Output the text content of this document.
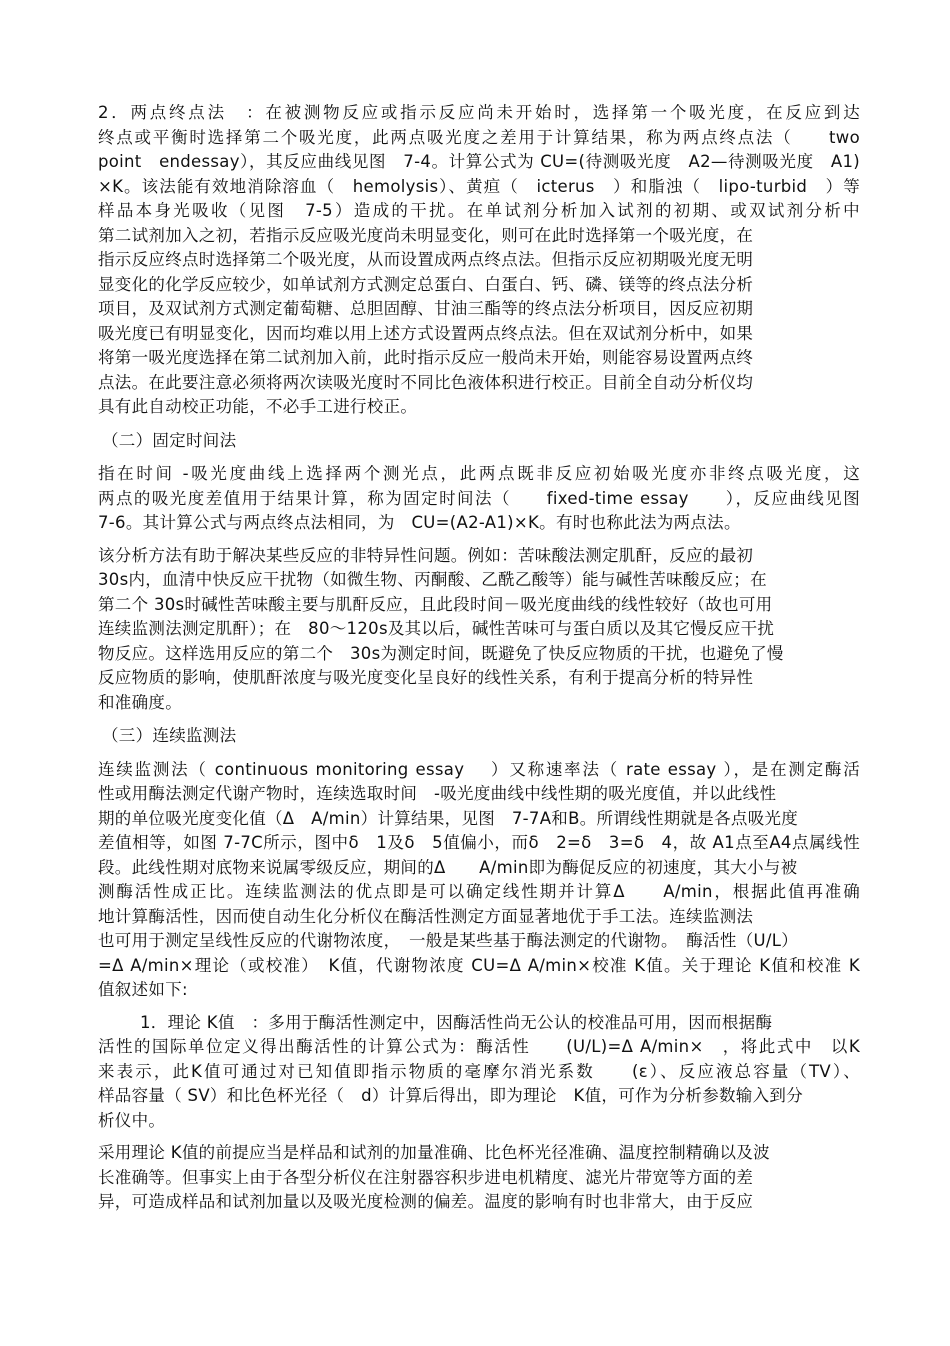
2．两点终点法　：在被测物反应或指示反应尚未开始时，选择第一个吸光度，在反应到达
终点或平衡时选择第二个吸光度，此两点吸光度之差用于计算结果，称为两点终点法（　　two
point　endessay），其反应曲线见图　7-4。计算公式为 CU=(待测吸光度　A2—待测吸光度　A1)
×K。该法能有效地消除溶血（　hemolysis）、黄疸（　icterus　）和脂浊（　lipo-turbid　）等
样品本身光吸收（见图　7-5）造成的干扰。在单试剂分析加入试剂的初期、或双试剂分析中
第二试剂加入之初，若指示反应吸光度尚未明显变化，则可在此时选择第一个吸光度，在
指示反应终点时选择第二个吸光度，从而设置成两点终点法。但指示反应初期吸光度无明
显变化的化学反应较少，如单试剂方式测定总蛋白、白蛋白、钙、磷、镁等的终点法分析
项目，及双试剂方式测定葡萄糖、总胆固醇、甘油三酯等的终点法分析项目，因反应初期
吸光度已有明显变化，因而均难以用上述方式设置两点终点法。但在双试剂分析中，如果
将第一吸光度选择在第二试剂加入前，此时指示反应一般尚未开始，则能容易设置两点终
点法。在此要注意必须将两次读吸光度时不同比色液体积进行校正。目前全自动分析仪均
具有此自动校正功能，不必手工进行校正。
（二）固定时间法
指在时间 -吸光度曲线上选择两个测光点，此两点既非反应初始吸光度亦非终点吸光度，这
两点的吸光度差值用于结果计算，称为固定时间法（　　fixed-time essay　　），反应曲线见图
7-6。其计算公式与两点终点法相同，为　CU=(A2-A1)×K。有时也称此法为两点法。
该分析方法有助于解决某些反应的非特异性问题。例如：苦味酸法测定肌酐，反应的最初
30s内，血清中快反应干扰物（如微生物、丙酮酸、乙酰乙酸等）能与碱性苦味酸反应；在
第二个 30s时碱性苦味酸主要与肌酐反应，且此段时间－吸光度曲线的线性较好（故也可用
连续监测法测定肌酐）；在　80～120s及其以后，碱性苦味可与蛋白质以及其它慢反应干扰
物反应。这样选用反应的第二个　30s为测定时间，既避免了快反应物质的干扰，也避免了慢
反应物质的影响，使肌酐浓度与吸光度变化呈良好的线性关系，有利于提高分析的特异性
和准确度。
（三）连续监测法
连续监测法（ continuous monitoring essay　 ）又称速率法（ rate essay ），是在测定酶活
性或用酶法测定代谢产物时，连续选取时间　-吸光度曲线中线性期的吸光度值，并以此线性
期的单位吸光度变化值（Δ　A/min）计算结果，见图　7-7A和B。所谓线性期就是各点吸光度
差值相等，如图 7-7C所示，图中δ　1及δ　5值偏小，而δ　2=δ　3=δ　4，故 A1点至A4点属线性
段。此线性期对底物来说属零级反应，期间的Δ　　A/min即为酶促反应的初速度，其大小与被
测酶活性成正比。连续监测法的优点即是可以确定线性期并计算Δ　　A/min，根据此值再准确
地计算酶活性，因而使自动生化分析仪在酶活性测定方面显著地优于手工法。连续监测法
也可用于测定呈线性反应的代谢物浓度，　一般是某些基于酶法测定的代谢物。　酶活性（U/L）
=Δ A/min×理论（或校准）　K值，代谢物浓度 CU=Δ A/min×校准 K值。关于理论 K值和校准 K
值叙述如下:
1．理论 K值　：多用于酶活性测定中，因酶活性尚无公认的校准品可用，因而根据酶
活性的国际单位定义得出酶活性的计算公式为：酶活性　　(U/L)=Δ A/min×　，将此式中　以K
来表示，此K值可通过对已知值即指示物质的毫摩尔消光系数　　(ε）、反应液总容量（TV）、
样品容量（ SV）和比色杯光径（　d）计算后得出，即为理论　K值，可作为分析参数输入到分
析仪中。
采用理论 K值的前提应当是样品和试剂的加量准确、比色杯光径准确、温度控制精确以及波
长准确等。但事实上由于各型分析仪在注射器容积步进电机精度、滤光片带宽等方面的差
异，可造成样品和试剂加量以及吸光度检测的偏差。温度的影响有时也非常大，由于反应
